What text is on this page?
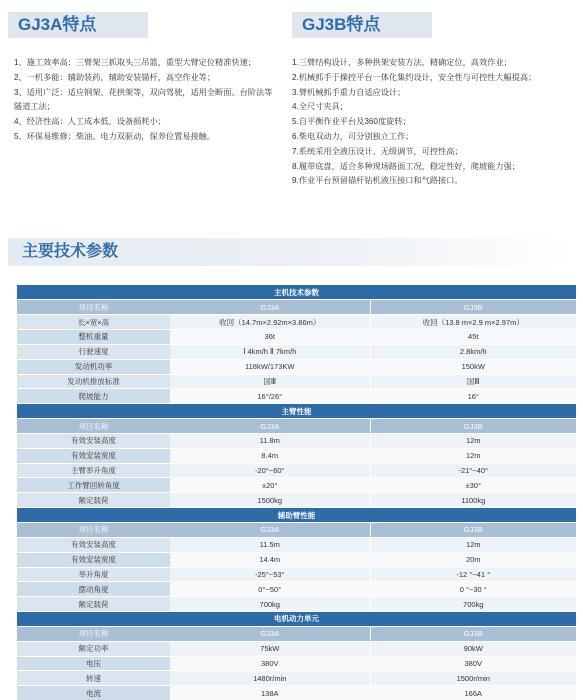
GJ3A特点	GJ3B特点
1、施工效率高：三臂架三抓取头三吊篮，重型大臂定位精准快速；
2、一机多能：辅助装药，辅助安装锚杆，高空作业等；
3、适用广泛：适应钢架、花拱架等，双向驾驶，适用全断面、台阶法等隧道工法；
4、经济性高：人工成本低，设备损耗小；
5、环保易维修：柴油、电力双驱动，保养位置易接触。
1.三臂结构设计，多种拱架安装方法，精确定位，高效作业；
2.机械抓手于操控平台一体化集约设计，安全性与可控性大幅提高；
3.臂机械抓手重力自适应设计；
4.全尺寸夹具；
5.自平衡作业平台及360度旋转；
6.柴电双动力，可分别独立工作；
7.系统采用全液压设计、无级调节，可控性高；
8.履带底盘，适合多种现场路面工况，稳定性好，爬坡能力强；
9.作业平台预留锚杆钻机液压接口和气路接口。
主要技术参数
主机技术参数		
项目名称	GJ3A	GJ3B
长×宽×高	收回（14.7m×2.92m×3.86m）	收回（13.8 m×2.9 m×2.97m）
整机重量	36t	45t
行驶速度	Ⅰ 4km/h Ⅱ 7km/h	2.8km/h
发动机功率	118kW/173KW	150kW
发动机排放标准	国Ⅲ	国Ⅲ
爬坡能力	16°/26°	16°
主臂性能		
项目名称	GJ3A	GJ3B
有效安装高度	11.8m	12m
有效安装宽度	8.4m	12m
主臂举升角度	-20°~60°	-21°~40°
工作臂回转角度	±20°	±30°
额定载荷	1500kg	1100kg
辅助臂性能		
项目名称	GJ3A	GJ3B
有效安装高度	11.5m	12m
有效安装宽度	14.4m	20m
举升角度	-25°~53°	-12 °~41 °
摆动角度	0°~50°	0 °~30 °
额定载荷	700kg	700kg
电机动力单元		
项目名称	GJ3A	GJ3B
额定功率	75kW	90kW
电压	380V	380V
转速	1480r/min	1500r/min
电流	138A	166A
